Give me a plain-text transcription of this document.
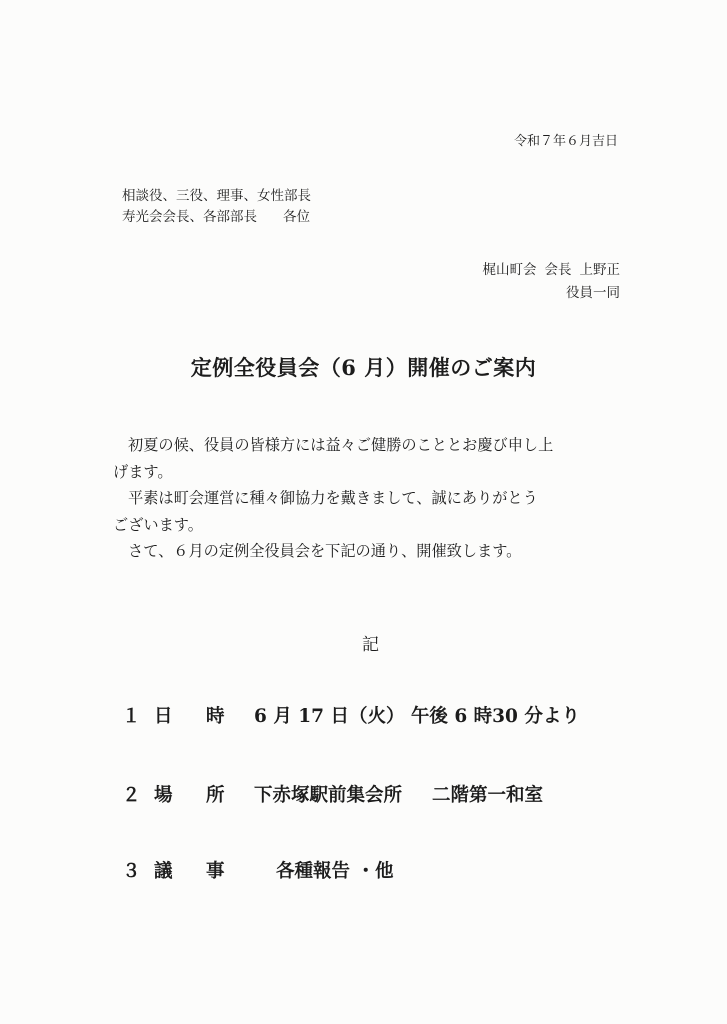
令和７年６月吉日
相談役、三役、理事、女性部長
寿光会会長、各部部長 各位
梶山町会 会長 上野正
役員一同
定例全役員会（6 月）開催のご案内

初夏の候、役員の皆様方には益々ご健勝のこととお慶び申し上
げます。

平素は町会運営に種々御協力を戴きまして、誠にありがとう
ございます。

さて、６月の定例全役員会を下記の通り、開催致します。

記
１ 日	時	6 月 17 日（火） 午後 6 時30 分より
２ 場	所	下赤塚駅前集会所 二階第一和室
３ 議	事	各種報告 ・他
